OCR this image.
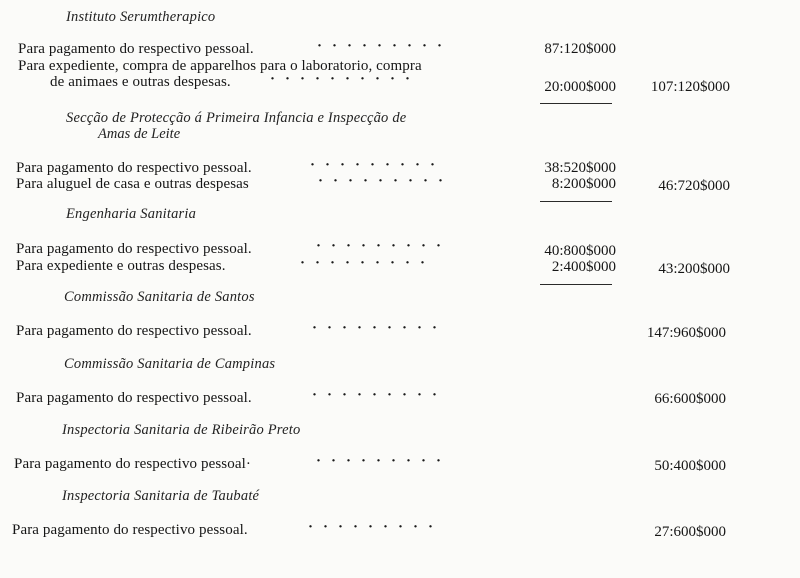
Instituto Serumtherapico
Para pagamento do respectivo pessoal.	·········	87:120$000
Para expediente, compra de apparelhos para o laboratorio, compra
de animaes e outras despesas.	··········	20:000$000	107:120$000
Secção de Protecção á Primeira Infancia e Inspecção de
Amas de Leite
Para pagamento do respectivo pessoal.	·········	38:520$000
Para aluguel de casa e outras despesas	·········	8:200$000	46:720$000
Engenharia Sanitaria
Para pagamento do respectivo pessoal.	·········	40:800$000
Para expediente e outras despesas.	·········	2:400$000	43:200$000
Commissão Sanitaria de Santos
Para pagamento do respectivo pessoal.	·········	147:960$000
Commissão Sanitaria de Campinas
Para pagamento do respectivo pessoal.	·········	66:600$000
Inspectoria Sanitaria de Ribeirão Preto
Para pagamento do respectivo pessoal·	·········	50:400$000
Inspectoria Sanitaria de Taubaté
Para pagamento do respectivo pessoal.	·········	27:600$000
